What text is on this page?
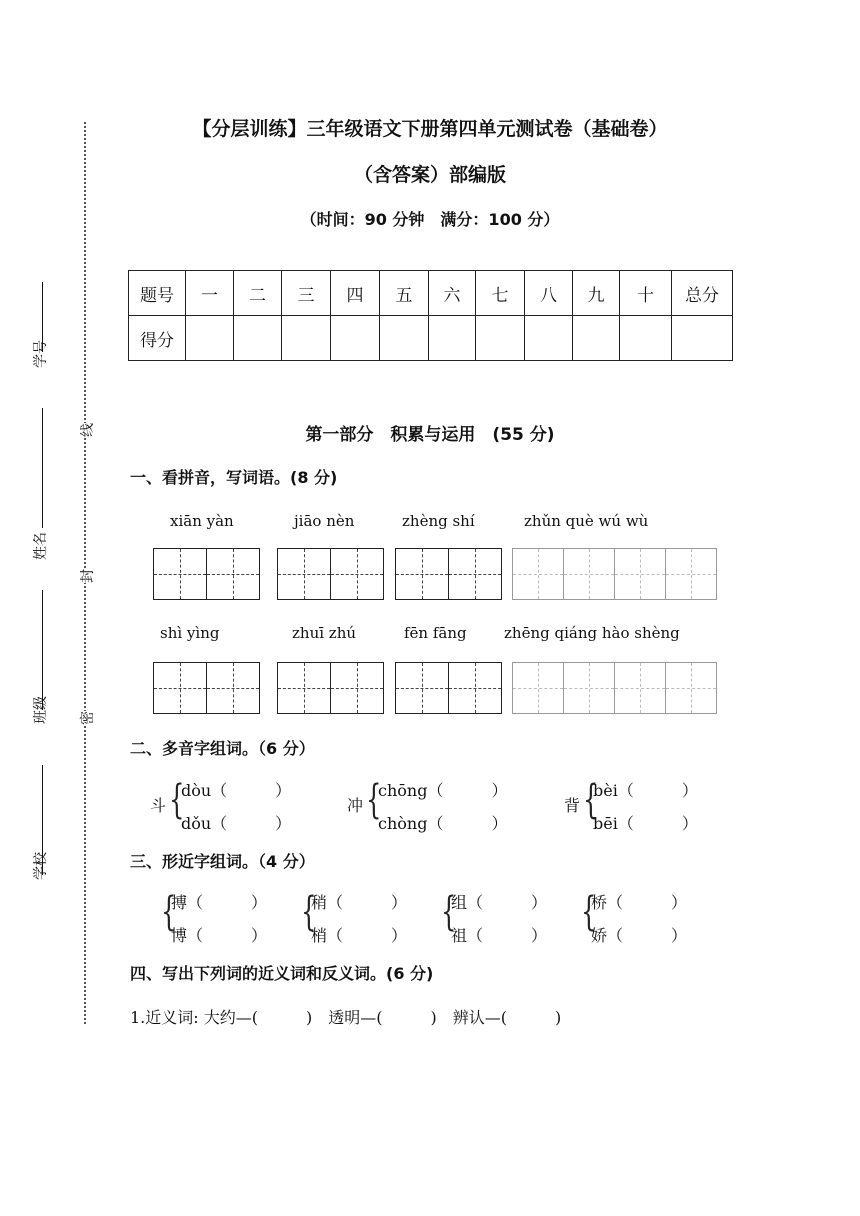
【分层训练】三年级语文下册第四单元测试卷（基础卷）
（含答案）部编版
（时间：90 分钟　满分：100 分）
学号
姓名
班级
学校
线
封
密
题号	一	二	三	四	五	六	七	八	九	十	总分
得分											
第一部分　积累与运用　(55 分)
一、看拼音，写词语。(8 分)
xiān yàn	jiāo nèn	zhèng shí	zhǔn què wú wù
shì yìng	zhuī zhú	fēn fāng zhēng qiáng hào shèng
二、多音字组词。（6 分）
斗 {
dòu（　　　）
dǒu（　　　）
冲 {
chōng（　　　）
chòng（　　　）
背 {
bèi（　　　）
bēi（　　　）
三、形近字组词。（4 分）
{
搏（　　　）
博（　　　）
{
稍（　　　）
梢（　　　）
{
组（　　　）
祖（　　　）
{
桥（　　　）
娇（　　　）
四、写出下列词的近义词和反义词。(6 分)
1.近义词: 大约—(　　　)　透明—(　　　)　辨认—(　　　)
